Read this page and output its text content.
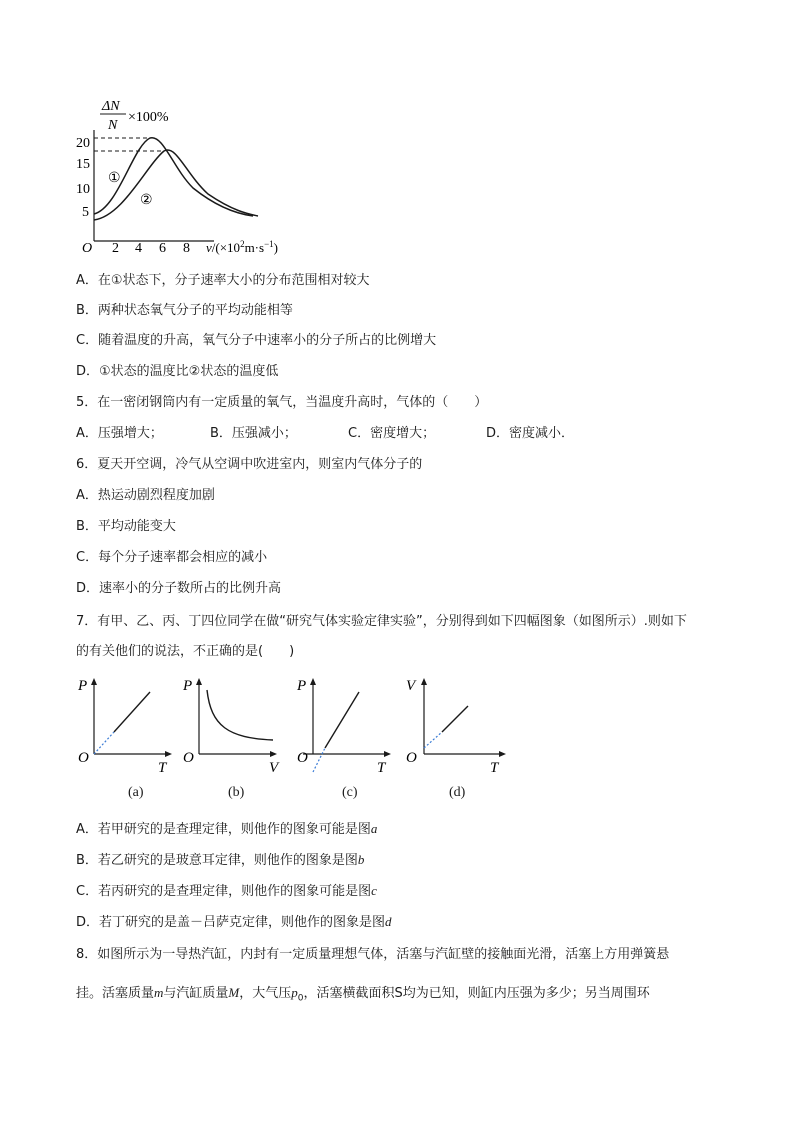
ΔN
N
×100%
20
15
10
5
O 2 4 6 8 $v/(\times 10^2m\cdot s^{-1})$
①
②
A．在①状态下，分子速率大小的分布范围相对较大
B．两种状态氧气分子的平均动能相等
C．随着温度的升高，氧气分子中速率小的分子所占的比例增大
D．①状态的温度比②状态的温度低
5．在一密闭钢筒内有一定质量的氧气，当温度升高时，气体的（　　）
A．压强增大；	B．压强减小；	C．密度增大；	D．密度减小．
6．夏天开空调，冷气从空调中吹进室内，则室内气体分子的
A．热运动剧烈程度加剧
B．平均动能变大
C．每个分子速率都会相应的减小
D．速率小的分子数所占的比例升高
7．有甲、乙、丙、丁四位同学在做“研究气体实验定律实验”，分别得到如下四幅图象（如图所示）.则如下
的有关他们的说法，不正确的是(　　)
P
O
T
(a)
P
O
V
(b)
P
O
T
(c)
V
O
T
(d)
A．若甲研究的是查理定律，则他作的图象可能是图a
B．若乙研究的是玻意耳定律，则他作的图象是图b
C．若丙研究的是查理定律，则他作的图象可能是图c
D．若丁研究的是盖－吕萨克定律，则他作的图象是图d
8．如图所示为一导热汽缸，内封有一定质量理想气体，活塞与汽缸壁的接触面光滑，活塞上方用弹簧悬
挂。活塞质量m与汽缸质量M，大气压$p_0$，活塞横截面积S均为已知，则缸内压强为多少；另当周围环
